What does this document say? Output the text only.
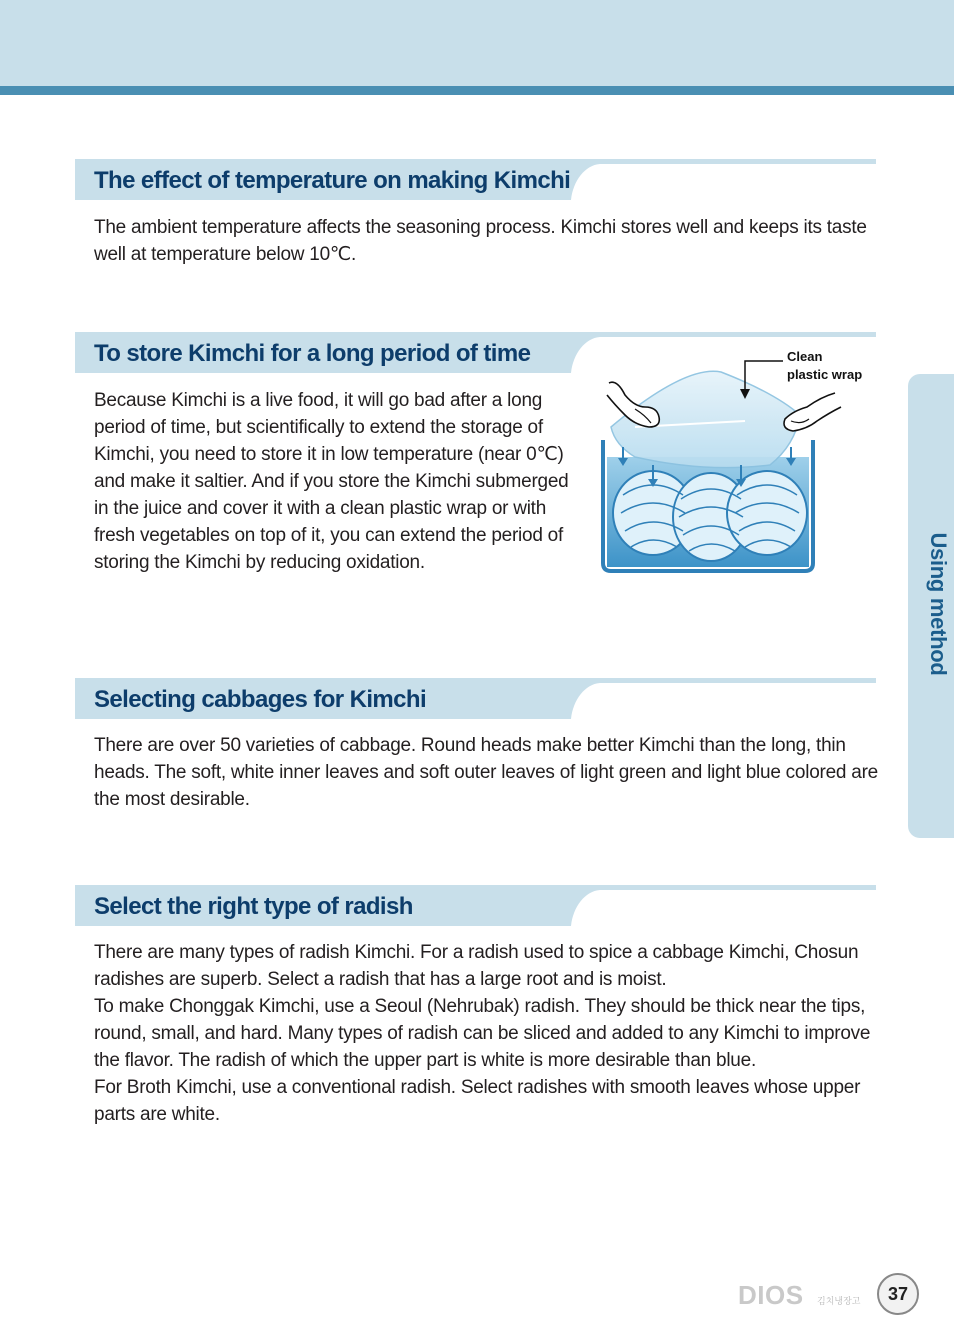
The effect of temperature on making Kimchi

The ambient temperature affects the seasoning process. Kimchi stores well and keeps its taste well at temperature below 10℃.

To store Kimchi for a long period of time

Because Kimchi is a live food, it will go bad after a long period of time, but scientifically to extend the storage of Kimchi, you need to store it in low temperature (near 0℃) and make it saltier. And if you store the Kimchi submerged in the juice and cover it with a clean plastic wrap or with fresh vegetables on top of it, you can extend the period of storing the Kimchi by reducing oxidation.

Clean
plastic wrap
Selecting cabbages for Kimchi

There are over 50 varieties of cabbage. Round heads make better Kimchi than the long, thin heads. The soft, white inner leaves and soft outer leaves of light green and light blue colored are the most desirable.

Select the right type of radish

There are many types of radish Kimchi. For a radish used to spice a cabbage Kimchi, Chosun radishes are superb. Select a radish that has a large root and is moist.

To make Chonggak Kimchi, use a Seoul (Nehrubak) radish. They should be thick near the tips, round, small, and hard. Many types of radish can be sliced and added to any Kimchi to improve the flavor. The radish of which the upper part is white is more desirable than blue.

For Broth Kimchi, use a conventional radish. Select radishes with smooth leaves whose upper parts are white.

Using method
DIOS 김치냉장고	37
